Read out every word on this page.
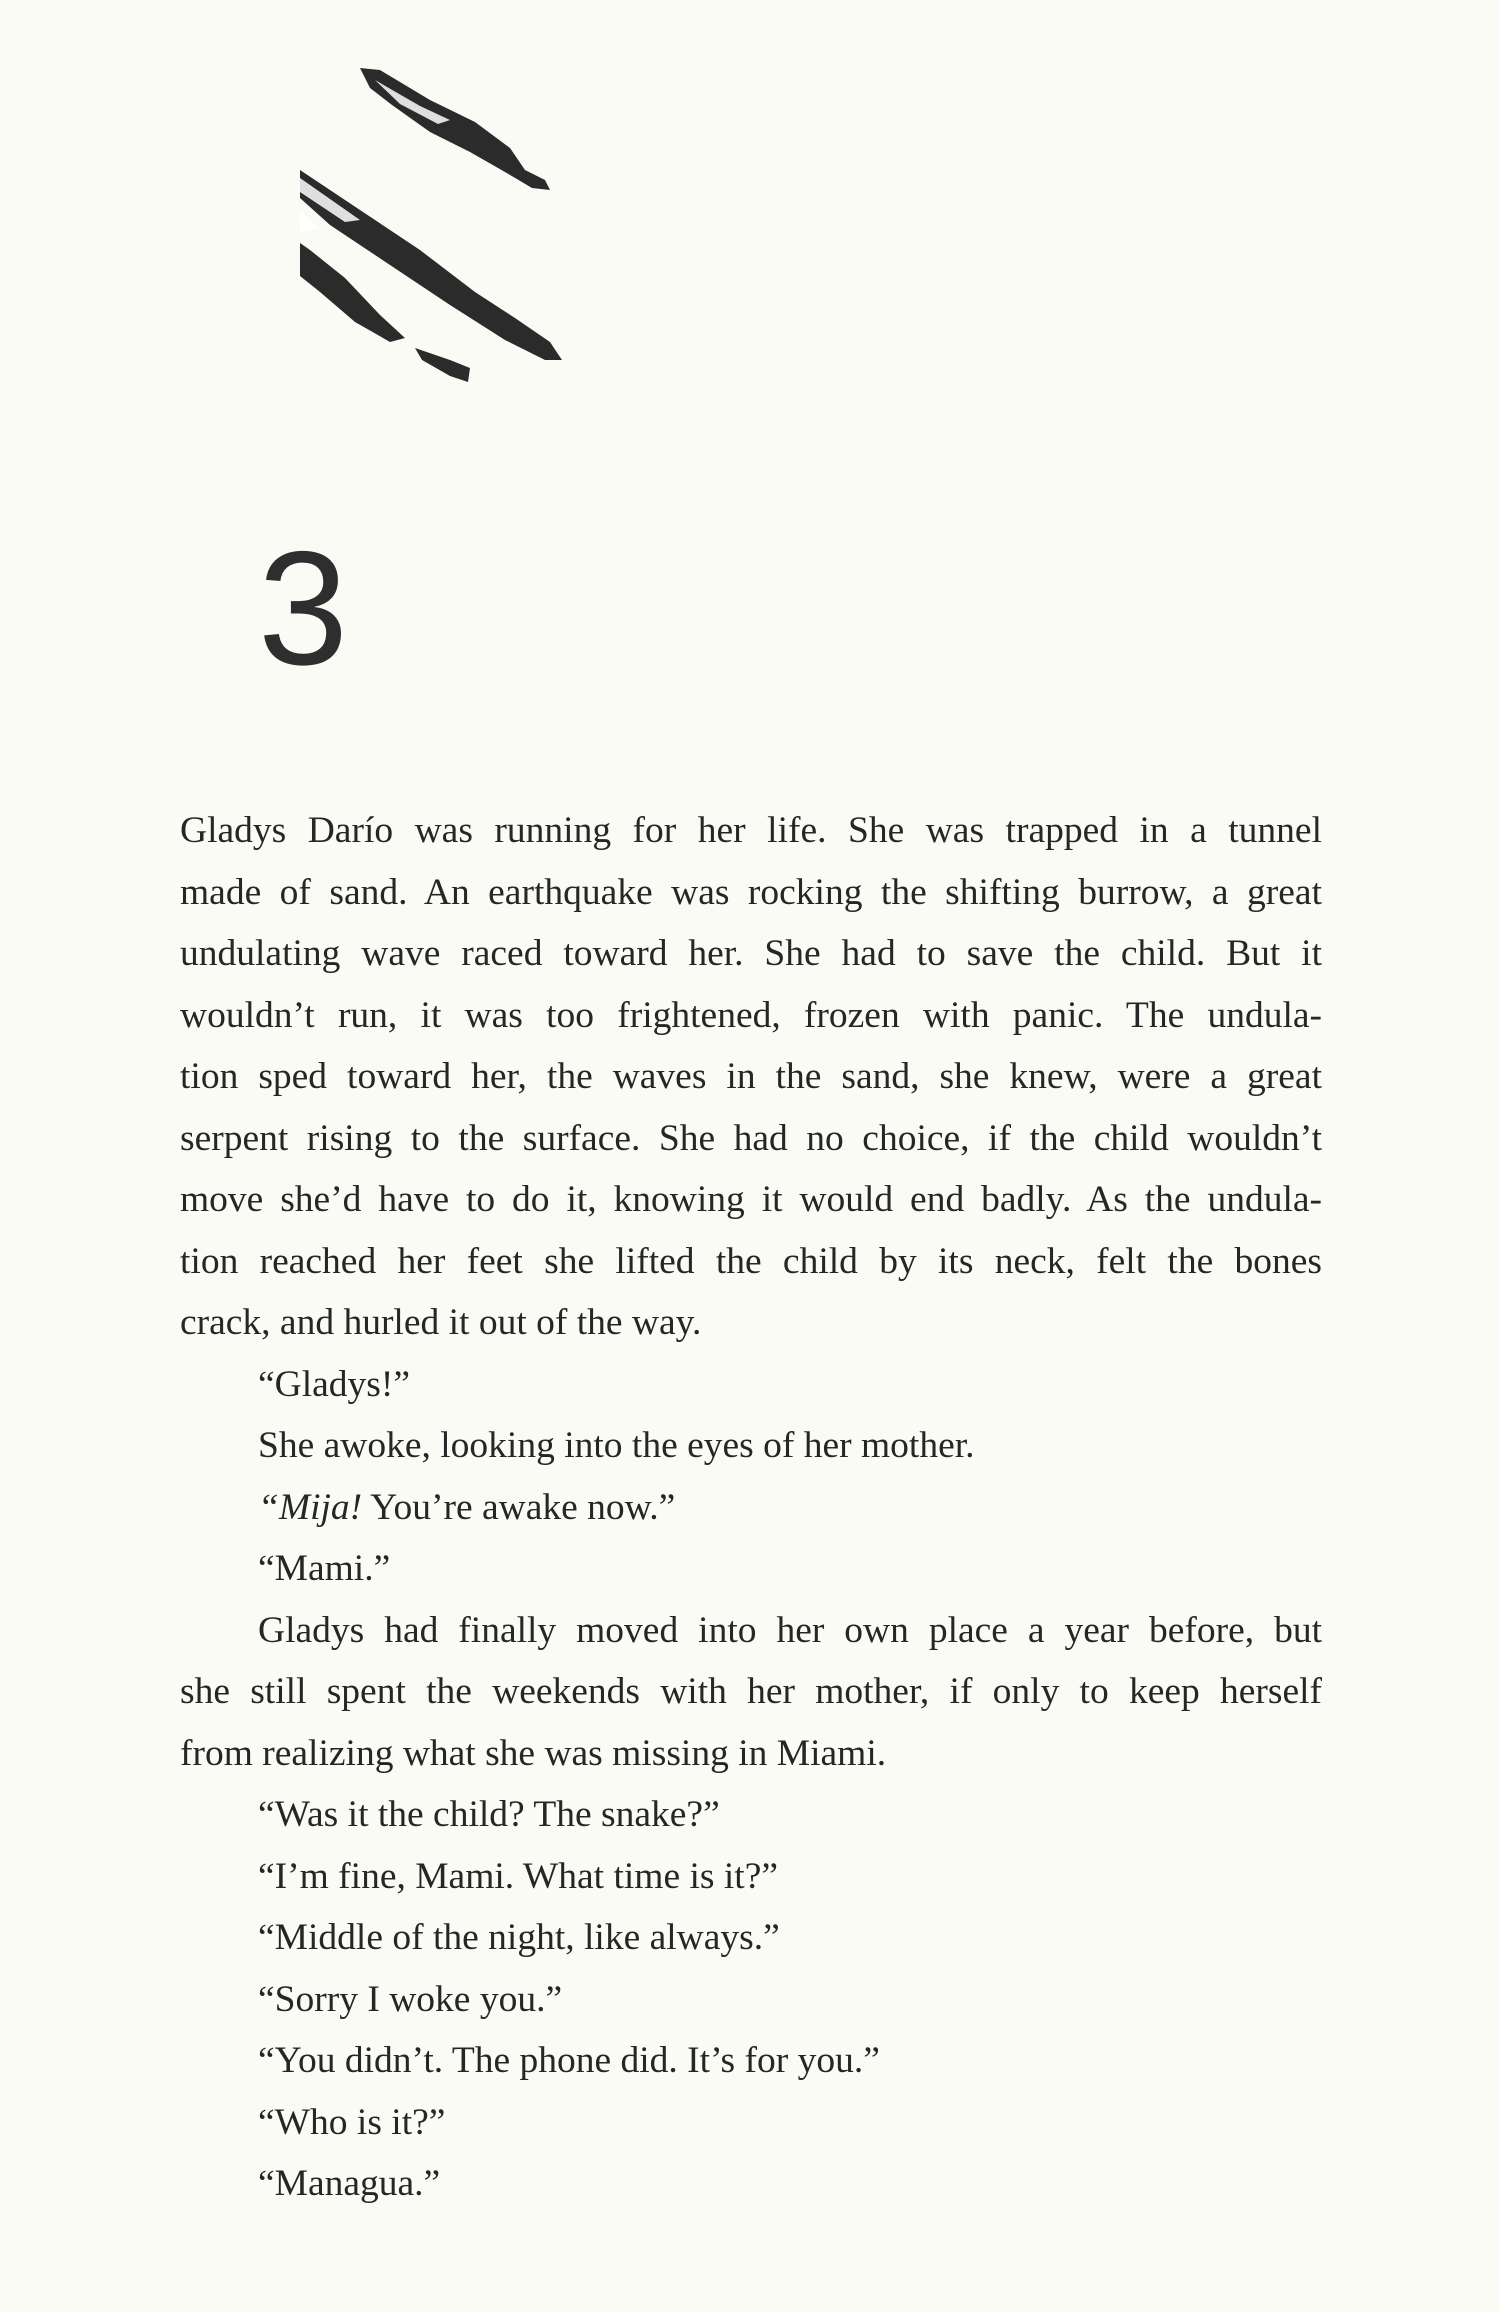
3

Gladys Darío was running for her life. She was trapped in a tunnel
made of sand. An earthquake was rocking the shifting burrow, a great
undulating wave raced toward her. She had to save the child. But it
wouldn’t run, it was too frightened, frozen with panic. The undula-
tion sped toward her, the waves in the sand, she knew, were a great
serpent rising to the surface. She had no choice, if the child wouldn’t
move she’d have to do it, knowing it would end badly. As the undula-
tion reached her feet she lifted the child by its neck, felt the bones
crack, and hurled it out of the way.

“Gladys!”

She awoke, looking into the eyes of her mother.

“Mija! You’re awake now.”

“Mami.”

Gladys had finally moved into her own place a year before, but
she still spent the weekends with her mother, if only to keep herself
from realizing what she was missing in Miami.

“Was it the child? The snake?”

“I’m fine, Mami. What time is it?”

“Middle of the night, like always.”

“Sorry I woke you.”

“You didn’t. The phone did. It’s for you.”

“Who is it?”

“Managua.”
